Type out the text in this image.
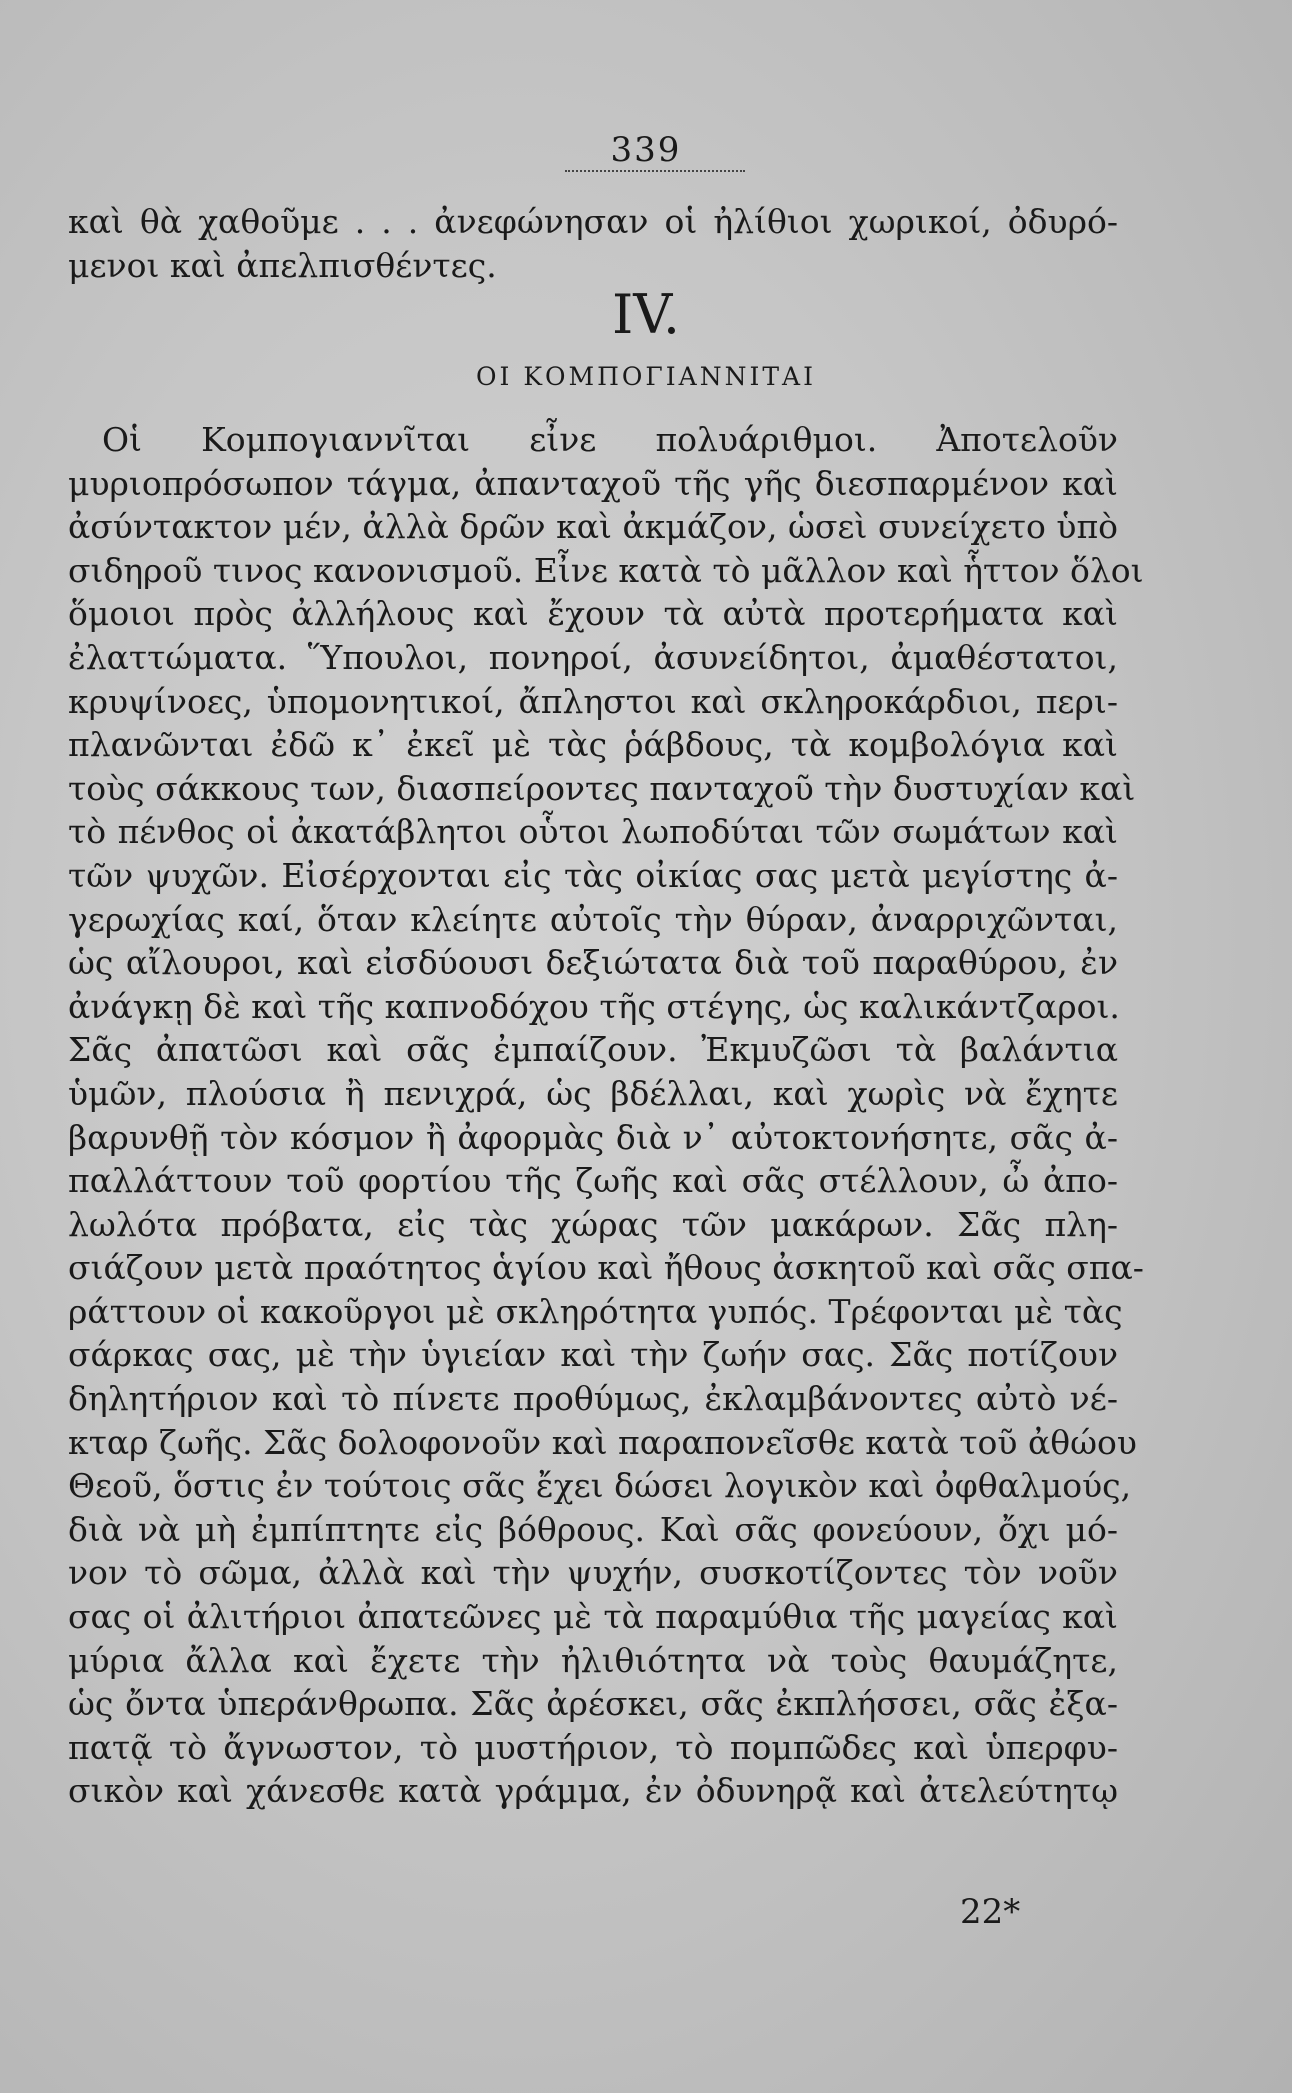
339
καὶ θὰ χαθοῦμε . . . ἀνεφώνησαν οἱ ἠλίθιοι χωρικοί, ὀδυρό-
μενοι καὶ ἀπελπισθέντες.
IV.
ΟΙ ΚΟΜΠΟΓΙΑΝΝΙΤΑΙ
Οἱ Κομπογιαννῖται εἶνε πολυάριθμοι. Ἀποτελοῦν
μυριοπρόσωπον τάγμα, ἀπανταχοῦ τῆς γῆς διεσπαρμένον καὶ
ἀσύντακτον μέν, ἀλλὰ δρῶν καὶ ἀκμάζον, ὡσεὶ συνείχετο ὑπὸ
σιδηροῦ τινος κανονισμοῦ. Εἶνε κατὰ τὸ μᾶλλον καὶ ἧττον ὅλοι
ὅμοιοι πρὸς ἀλλήλους καὶ ἔχουν τὰ αὐτὰ προτερήματα καὶ
ἐλαττώματα. Ὕπουλοι, πονηροί, ἀσυνείδητοι, ἀμαθέστατοι,
κρυψίνοες, ὑπομονητικοί, ἄπληστοι καὶ σκληροκάρδιοι, περι-
πλανῶνται ἐδῶ κ᾽ ἐκεῖ μὲ τὰς ῥάβδους, τὰ κομβολόγια καὶ
τοὺς σάκκους των, διασπείροντες πανταχοῦ τὴν δυστυχίαν καὶ
τὸ πένθος οἱ ἀκατάβλητοι οὗτοι λωποδύται τῶν σωμάτων καὶ
τῶν ψυχῶν. Εἰσέρχονται εἰς τὰς οἰκίας σας μετὰ μεγίστης ἀ-
γερωχίας καί, ὅταν κλείητε αὐτοῖς τὴν θύραν, ἀναρριχῶνται,
ὡς αἴλουροι, καὶ εἰσδύουσι δεξιώτατα διὰ τοῦ παραθύρου, ἐν
ἀνάγκῃ δὲ καὶ τῆς καπνοδόχου τῆς στέγης, ὡς καλικάντζαροι.
Σᾶς ἀπατῶσι καὶ σᾶς ἐμπαίζουν. Ἐκμυζῶσι τὰ βαλάντια
ὑμῶν, πλούσια ἢ πενιχρά, ὡς βδέλλαι, καὶ χωρὶς νὰ ἔχητε
βαρυνθῇ τὸν κόσμον ἢ ἀφορμὰς διὰ ν᾽ αὐτοκτονήσητε, σᾶς ἀ-
παλλάττουν τοῦ φορτίου τῆς ζωῆς καὶ σᾶς στέλλουν, ὦ ἀπο-
λωλότα πρόβατα, εἰς τὰς χώρας τῶν μακάρων. Σᾶς πλη-
σιάζουν μετὰ πραότητος ἁγίου καὶ ἤθους ἀσκητοῦ καὶ σᾶς σπα-
ράττουν οἱ κακοῦργοι μὲ σκληρότητα γυπός. Τρέφονται μὲ τὰς
σάρκας σας, μὲ τὴν ὑγιείαν καὶ τὴν ζωήν σας. Σᾶς ποτίζουν
δηλητήριον καὶ τὸ πίνετε προθύμως, ἐκλαμβάνοντες αὐτὸ νέ-
κταρ ζωῆς. Σᾶς δολοφονοῦν καὶ παραπονεῖσθε κατὰ τοῦ ἀθώου
Θεοῦ, ὅστις ἐν τούτοις σᾶς ἔχει δώσει λογικὸν καὶ ὀφθαλμούς,
διὰ νὰ μὴ ἐμπίπτητε εἰς βόθρους. Καὶ σᾶς φονεύουν, ὄχι μό-
νον τὸ σῶμα, ἀλλὰ καὶ τὴν ψυχήν, συσκοτίζοντες τὸν νοῦν
σας οἱ ἀλιτήριοι ἀπατεῶνες μὲ τὰ παραμύθια τῆς μαγείας καὶ
μύρια ἄλλα καὶ ἔχετε τὴν ἠλιθιότητα νὰ τοὺς θαυμάζητε,
ὡς ὄντα ὑπεράνθρωπα. Σᾶς ἀρέσκει, σᾶς ἐκπλήσσει, σᾶς ἐξα-
πατᾷ τὸ ἄγνωστον, τὸ μυστήριον, τὸ πομπῶδες καὶ ὑπερφυ-
σικὸν καὶ χάνεσθε κατὰ γράμμα, ἐν ὀδυνηρᾷ καὶ ἀτελεύτητῳ
22*
